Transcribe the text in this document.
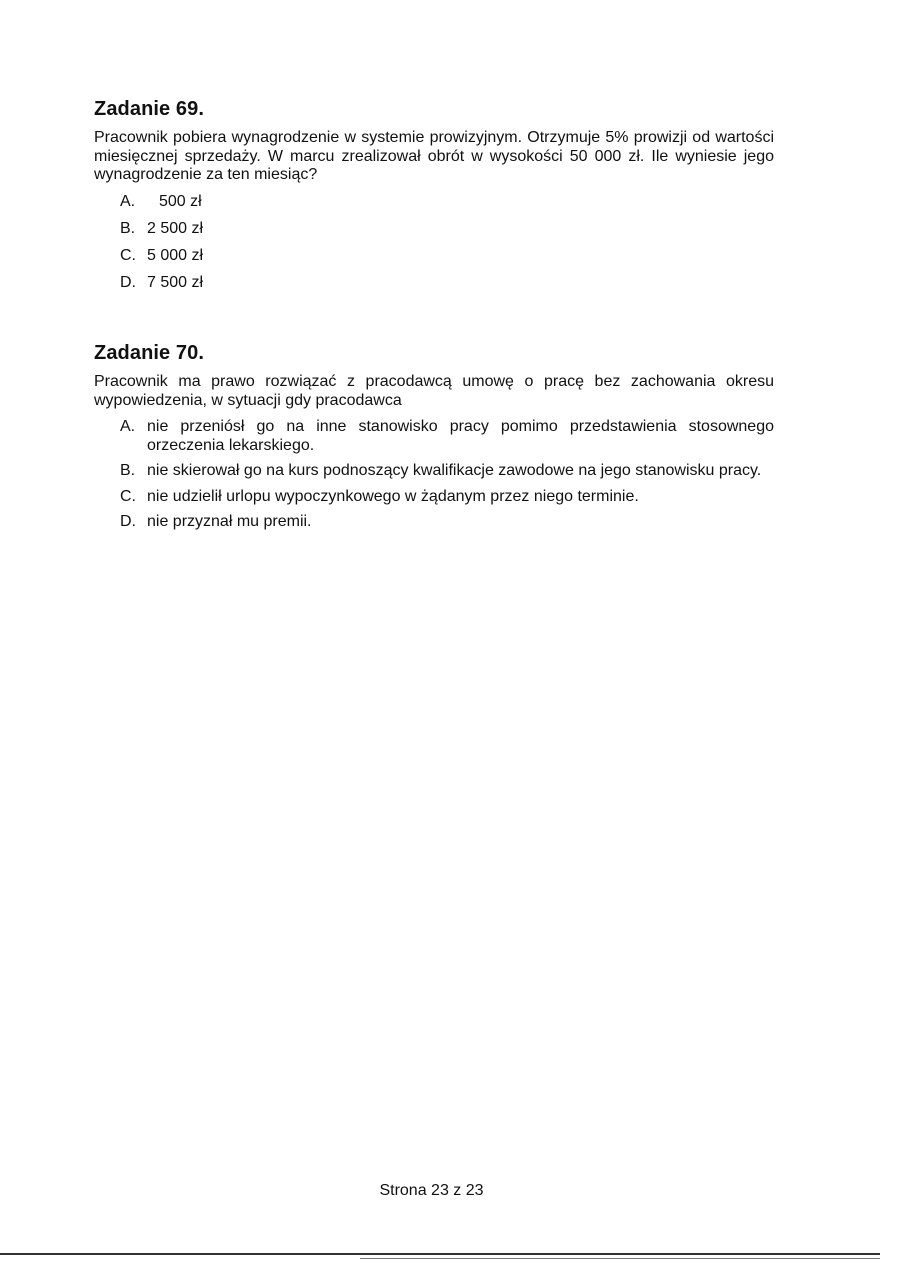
Zadanie 69.

Pracownik pobiera wynagrodzenie w systemie prowizyjnym. Otrzymuje 5% prowizji od wartości miesięcznej sprzedaży. W marcu zrealizował obrót w wysokości 50 000 zł. Ile wyniesie jego wynagrodzenie za ten miesiąc?

A.	500 zł
B. 2 500 zł
C. 5 000 zł
D. 7 500 zł
Zadanie 70.

Pracownik ma prawo rozwiązać z pracodawcą umowę o pracę bez zachowania okresu wypowiedzenia, w sytuacji gdy pracodawca

A. nie przeniósł go na inne stanowisko pracy pomimo przedstawienia stosownego orzeczenia lekarskiego.
B. nie skierował go na kurs podnoszący kwalifikacje zawodowe na jego stanowisku pracy.
C. nie udzielił urlopu wypoczynkowego w żądanym przez niego terminie.
D. nie przyznał mu premii.
Strona 23 z 23
